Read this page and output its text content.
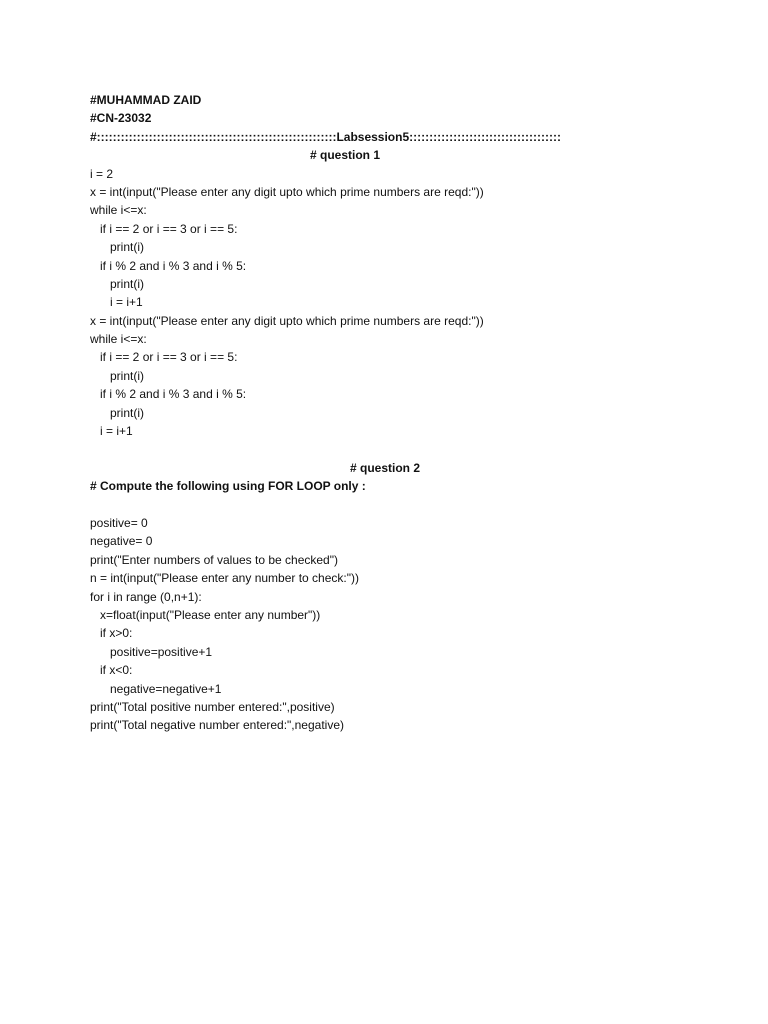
#MUHAMMAD ZAID
#CN-23032
#::::::::::::::::::::::::::::::::::::::::::::::::::::::::::::Labsession5::::::::::::::::::::::::::::::::::::::
# question 1
i = 2
x = int(input("Please enter any digit upto which prime numbers are reqd:"))
while i<=x:
if i == 2 or i == 3 or i == 5:
print(i)
if i % 2 and i % 3 and i % 5:
print(i)
i = i+1
x = int(input("Please enter any digit upto which prime numbers are reqd:"))
while i<=x:
if i == 2 or i == 3 or i == 5:
print(i)
if i % 2 and i % 3 and i % 5:
print(i)
i = i+1
# question 2
# Compute the following using FOR LOOP only :
positive= 0
negative= 0
print("Enter numbers of values to be checked")
n = int(input("Please enter any number to check:"))
for i in range (0,n+1):
x=float(input("Please enter any number"))
if x>0:
positive=positive+1
if x<0:
negative=negative+1
print("Total positive number entered:",positive)
print("Total negative number entered:",negative)
